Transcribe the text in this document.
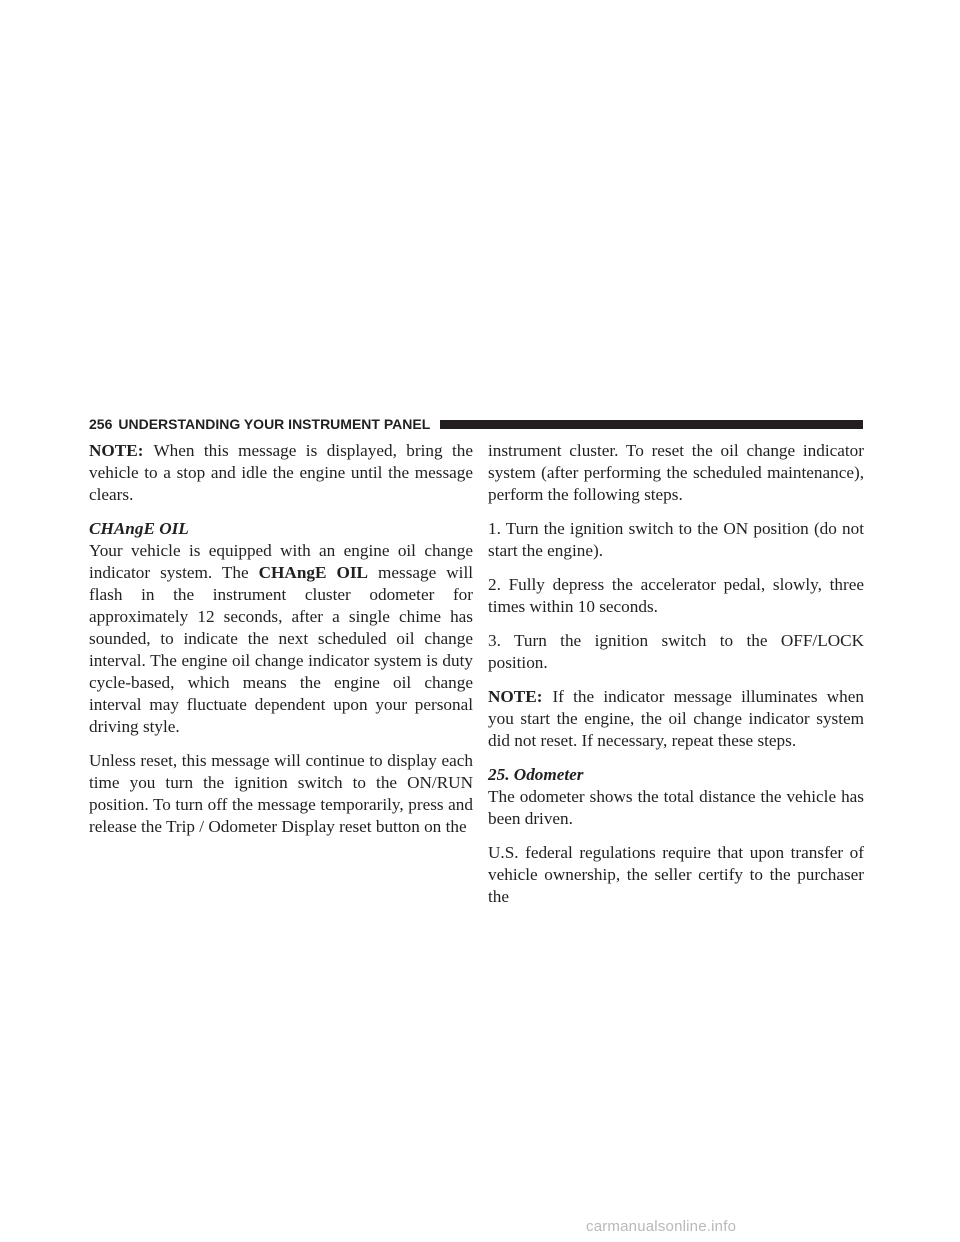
256 UNDERSTANDING YOUR INSTRUMENT PANEL

NOTE: When this message is displayed, bring the vehicle to a stop and idle the engine until the message clears.

CHAngE OIL

Your vehicle is equipped with an engine oil change indicator system. The CHAngE OIL message will flash in the instrument cluster odometer for approximately 12 seconds, after a single chime has sounded, to indicate the next scheduled oil change interval. The engine oil change indicator system is duty cycle-based, which means the engine oil change interval may fluctuate dependent upon your personal driving style.

Unless reset, this message will continue to display each time you turn the ignition switch to the ON/RUN position. To turn off the message temporarily, press and release the Trip / Odometer Display reset button on the

instrument cluster. To reset the oil change indicator system (after performing the scheduled maintenance), perform the following steps.

1. Turn the ignition switch to the ON position (do not start the engine).

2. Fully depress the accelerator pedal, slowly, three times within 10 seconds.

3. Turn the ignition switch to the OFF/LOCK position.

NOTE: If the indicator message illuminates when you start the engine, the oil change indicator system did not reset. If necessary, repeat these steps.

25. Odometer

The odometer shows the total distance the vehicle has been driven.

U.S. federal regulations require that upon transfer of vehicle ownership, the seller certify to the purchaser the

carmanualsonline.info
